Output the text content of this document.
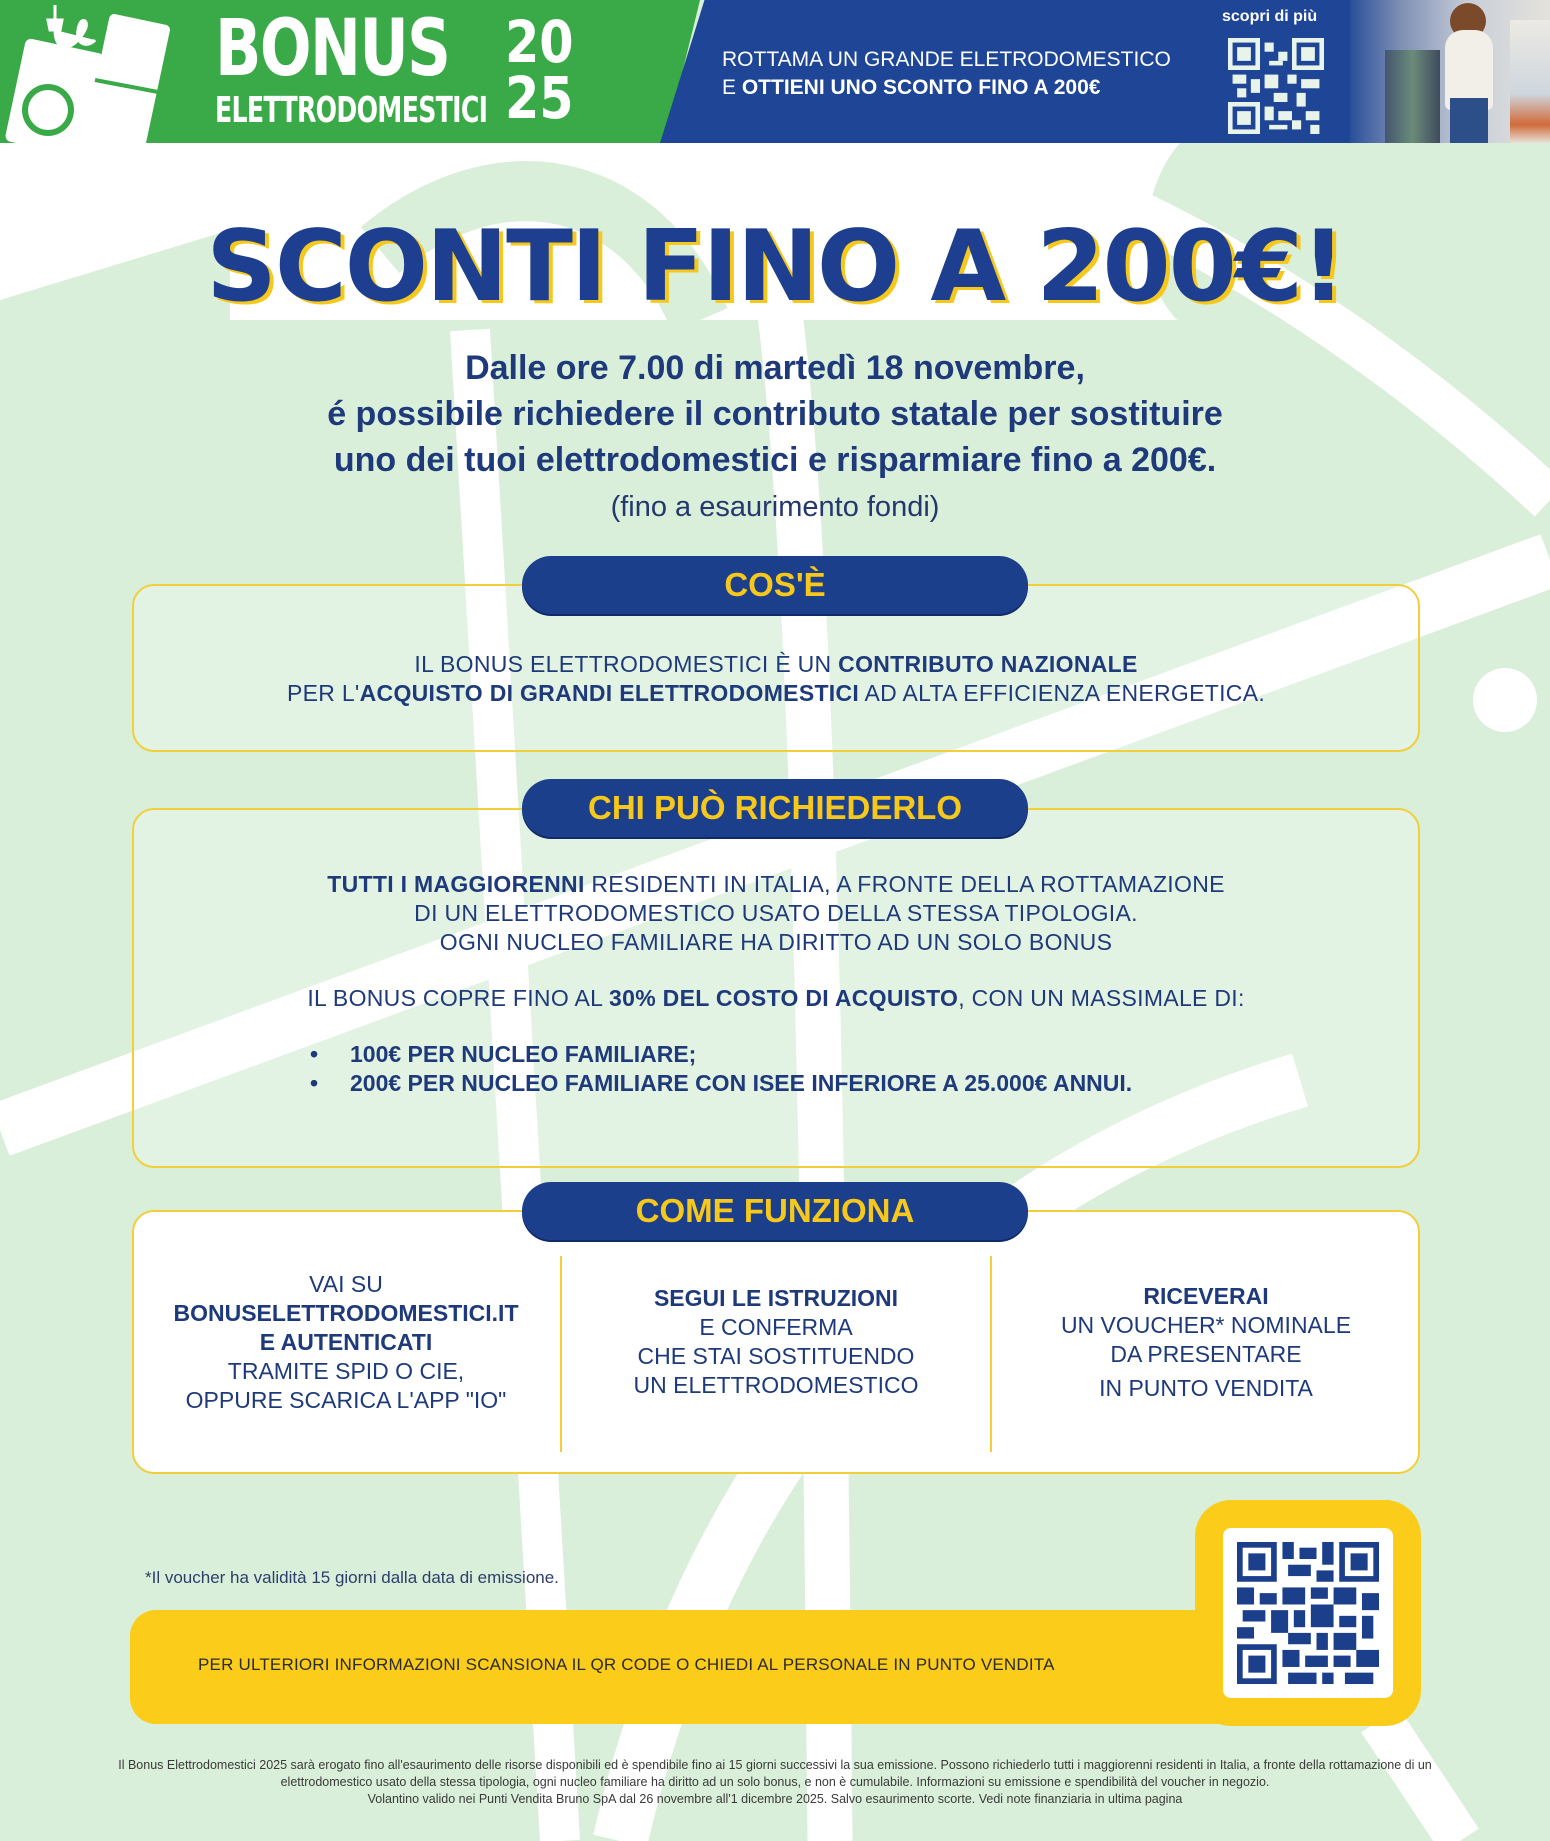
BONUS
ELETTRODOMESTICI
20
25
ROTTAMA UN GRANDE ELETRODOMESTICO
E OTTIENI UNO SCONTO FINO A 200€
scopri di più
SCONTI FINO A 200€!
Dalle ore 7.00 di martedì 18 novembre,
é possibile richiedere il contributo statale per sostituire
uno dei tuoi elettrodomestici e risparmiare fino a 200€.
(fino a esaurimento fondi)
IL BONUS ELETTRODOMESTICI È UN CONTRIBUTO NAZIONALE
PER L'ACQUISTO DI GRANDI ELETTRODOMESTICI AD ALTA EFFICIENZA ENERGETICA.
COS'È
TUTTI I MAGGIORENNI RESIDENTI IN ITALIA, A FRONTE DELLA ROTTAMAZIONE
DI UN ELETTRODOMESTICO USATO DELLA STESSA TIPOLOGIA.
OGNI NUCLEO FAMILIARE HA DIRITTO AD UN SOLO BONUS
IL BONUS COPRE FINO AL 30% DEL COSTO DI ACQUISTO, CON UN MASSIMALE DI:
• 100€ PER NUCLEO FAMILIARE;
• 200€ PER NUCLEO FAMILIARE CON ISEE INFERIORE A 25.000€ ANNUI.
CHI PUÒ RICHIEDERLO
VAI SU
BONUSELETTRODOMESTICI.IT
E AUTENTICATI
TRAMITE SPID O CIE,
OPPURE SCARICA L'APP "IO"
SEGUI LE ISTRUZIONI
E CONFERMA
CHE STAI SOSTITUENDO
UN ELETTRODOMESTICO
RICEVERAI
UN VOUCHER* NOMINALE
DA PRESENTARE
IN PUNTO VENDITA
COME FUNZIONA
*Il voucher ha validità 15 giorni dalla data di emissione.
PER ULTERIORI INFORMAZIONI SCANSIONA IL QR CODE O CHIEDI AL PERSONALE IN PUNTO VENDITA
Il Bonus Elettrodomestici 2025 sarà erogato fino all'esaurimento delle risorse disponibili ed è spendibile fino ai 15 giorni successivi la sua emissione. Possono richiederlo tutti i maggiorenni residenti in Italia, a fronte della rottamazione di un
elettrodomestico usato della stessa tipologia, ogni nucleo familiare ha diritto ad un solo bonus, e non è cumulabile. Informazioni su emissione e spendibilità del voucher in negozio.
Volantino valido nei Punti Vendita Bruno SpA dal 26 novembre all'1 dicembre 2025. Salvo esaurimento scorte. Vedi note finanziaria in ultima pagina
